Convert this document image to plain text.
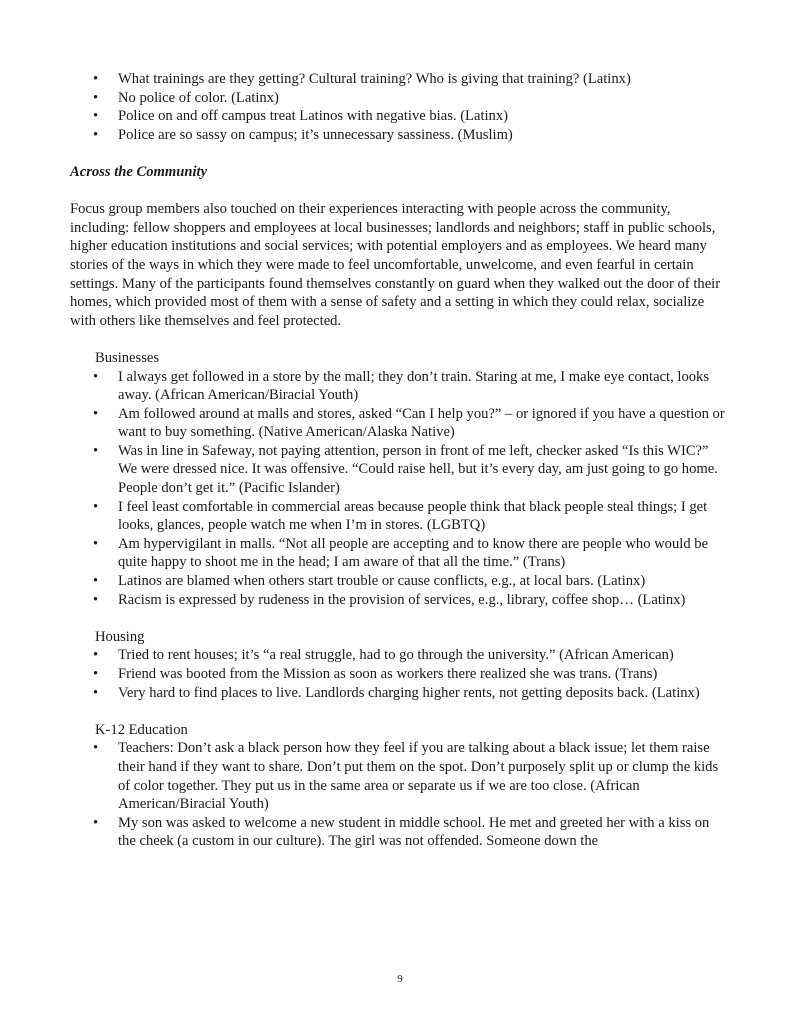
• What trainings are they getting? Cultural training? Who is giving that training? (Latinx)
• No police of color. (Latinx)
• Police on and off campus treat Latinos with negative bias. (Latinx)
• Police are so sassy on campus; it’s unnecessary sassiness. (Muslim)
Across the Community

Focus group members also touched on their experiences interacting with people across the community, including: fellow shoppers and employees at local businesses; landlords and neighbors; staff in public schools, higher education institutions and social services; with potential employers and as employees. We heard many stories of the ways in which they were made to feel uncomfortable, unwelcome, and even fearful in certain settings. Many of the participants found themselves constantly on guard when they walked out the door of their homes, which provided most of them with a sense of safety and a setting in which they could relax, socialize with others like themselves and feel protected.

Businesses
• I always get followed in a store by the mall; they don’t train. Staring at me, I make eye contact, looks away. (African American/Biracial Youth)
• Am followed around at malls and stores, asked “Can I help you?” – or ignored if you have a question or want to buy something. (Native American/Alaska Native)
• Was in line in Safeway, not paying attention, person in front of me left, checker asked “Is this WIC?” We were dressed nice. It was offensive. “Could raise hell, but it’s every day, am just going to go home. People don’t get it.” (Pacific Islander)
• I feel least comfortable in commercial areas because people think that black people steal things; I get looks, glances, people watch me when I’m in stores. (LGBTQ)
• Am hypervigilant in malls. “Not all people are accepting and to know there are people who would be quite happy to shoot me in the head; I am aware of that all the time.” (Trans)
• Latinos are blamed when others start trouble or cause conflicts, e.g., at local bars. (Latinx)
• Racism is expressed by rudeness in the provision of services, e.g., library, coffee shop… (Latinx)
Housing
• Tried to rent houses; it’s “a real struggle, had to go through the university.” (African American)
• Friend was booted from the Mission as soon as workers there realized she was trans. (Trans)
• Very hard to find places to live. Landlords charging higher rents, not getting deposits back. (Latinx)
K-12 Education
• Teachers: Don’t ask a black person how they feel if you are talking about a black issue; let them raise their hand if they want to share. Don’t put them on the spot. Don’t purposely split up or clump the kids of color together. They put us in the same area or separate us if we are too close. (African American/Biracial Youth)
• My son was asked to welcome a new student in middle school. He met and greeted her with a kiss on the cheek (a custom in our culture). The girl was not offended. Someone down the
9
